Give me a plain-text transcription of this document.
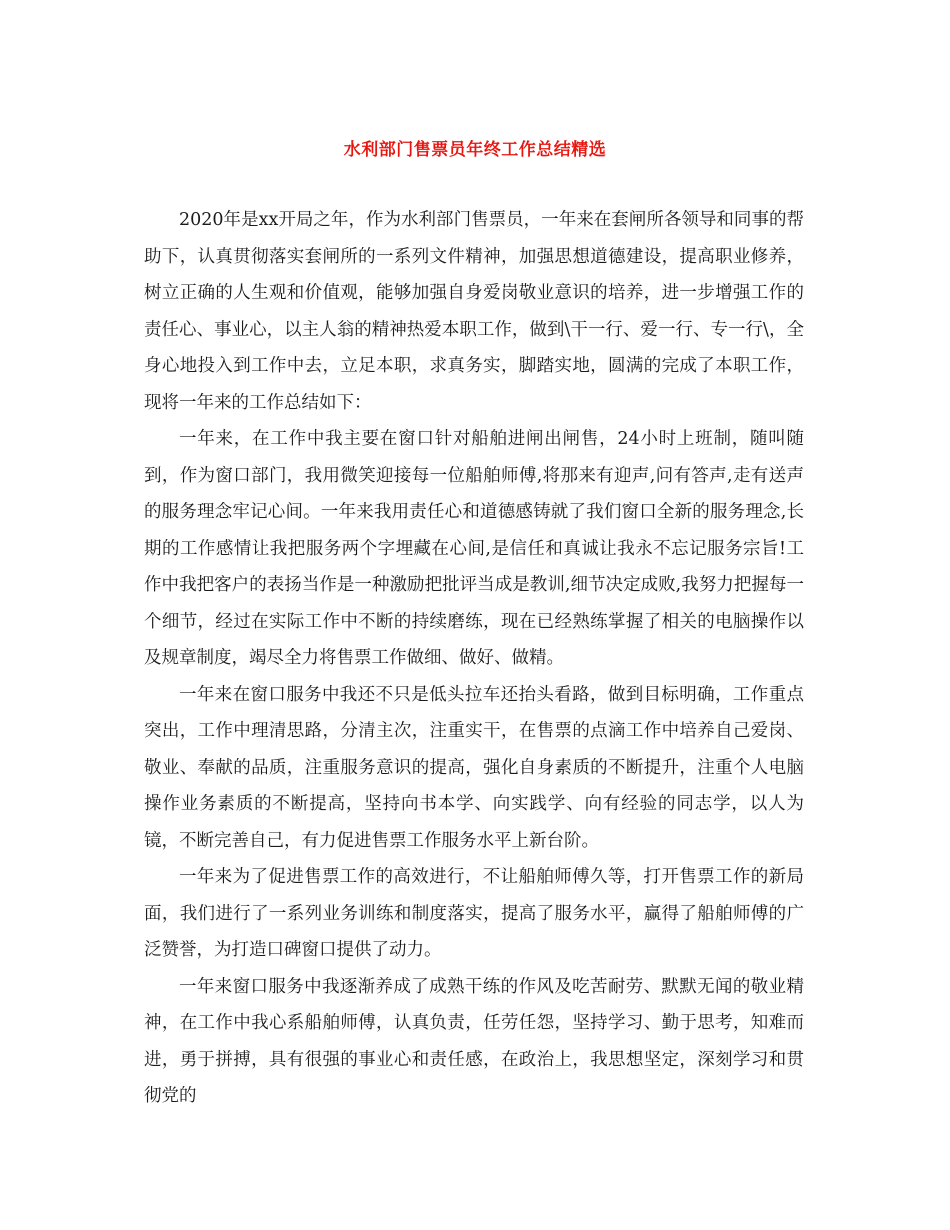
水利部门售票员年终工作总结精选

2020年是xx开局之年，作为水利部门售票员，一年来在套闸所各领导和同事的帮助下，认真贯彻落实套闸所的一系列文件精神，加强思想道德建设，提高职业修养，树立正确的人生观和价值观，能够加强自身爱岗敬业意识的培养，进一步增强工作的责任心、事业心，以主人翁的精神热爱本职工作，做到\干一行、爱一行、专一行\，全身心地投入到工作中去，立足本职，求真务实，脚踏实地，圆满的完成了本职工作，现将一年来的工作总结如下：

一年来，在工作中我主要在窗口针对船舶进闸出闸售，24小时上班制，随叫随到，作为窗口部门，我用微笑迎接每一位船舶师傅,将那来有迎声,问有答声,走有送声的服务理念牢记心间。一年来我用责任心和道德感铸就了我们窗口全新的服务理念,长期的工作感情让我把服务两个字埋藏在心间,是信任和真诚让我永不忘记服务宗旨!工作中我把客户的表扬当作是一种激励把批评当成是教训,细节决定成败,我努力把握每一个细节，经过在实际工作中不断的持续磨练，现在已经熟练掌握了相关的电脑操作以及规章制度，竭尽全力将售票工作做细、做好、做精。

一年来在窗口服务中我还不只是低头拉车还抬头看路，做到目标明确，工作重点突出，工作中理清思路，分清主次，注重实干，在售票的点滴工作中培养自己爱岗、敬业、奉献的品质，注重服务意识的提高，强化自身素质的不断提升，注重个人电脑操作业务素质的不断提高，坚持向书本学、向实践学、向有经验的同志学，以人为镜，不断完善自己，有力促进售票工作服务水平上新台阶。

一年来为了促进售票工作的高效进行，不让船舶师傅久等，打开售票工作的新局面，我们进行了一系列业务训练和制度落实，提高了服务水平，赢得了船舶师傅的广泛赞誉，为打造口碑窗口提供了动力。

一年来窗口服务中我逐渐养成了成熟干练的作风及吃苦耐劳、默默无闻的敬业精神，在工作中我心系船舶师傅，认真负责，任劳任怨，坚持学习、勤于思考，知难而进，勇于拼搏，具有很强的事业心和责任感，在政治上，我思想坚定，深刻学习和贯彻党的
